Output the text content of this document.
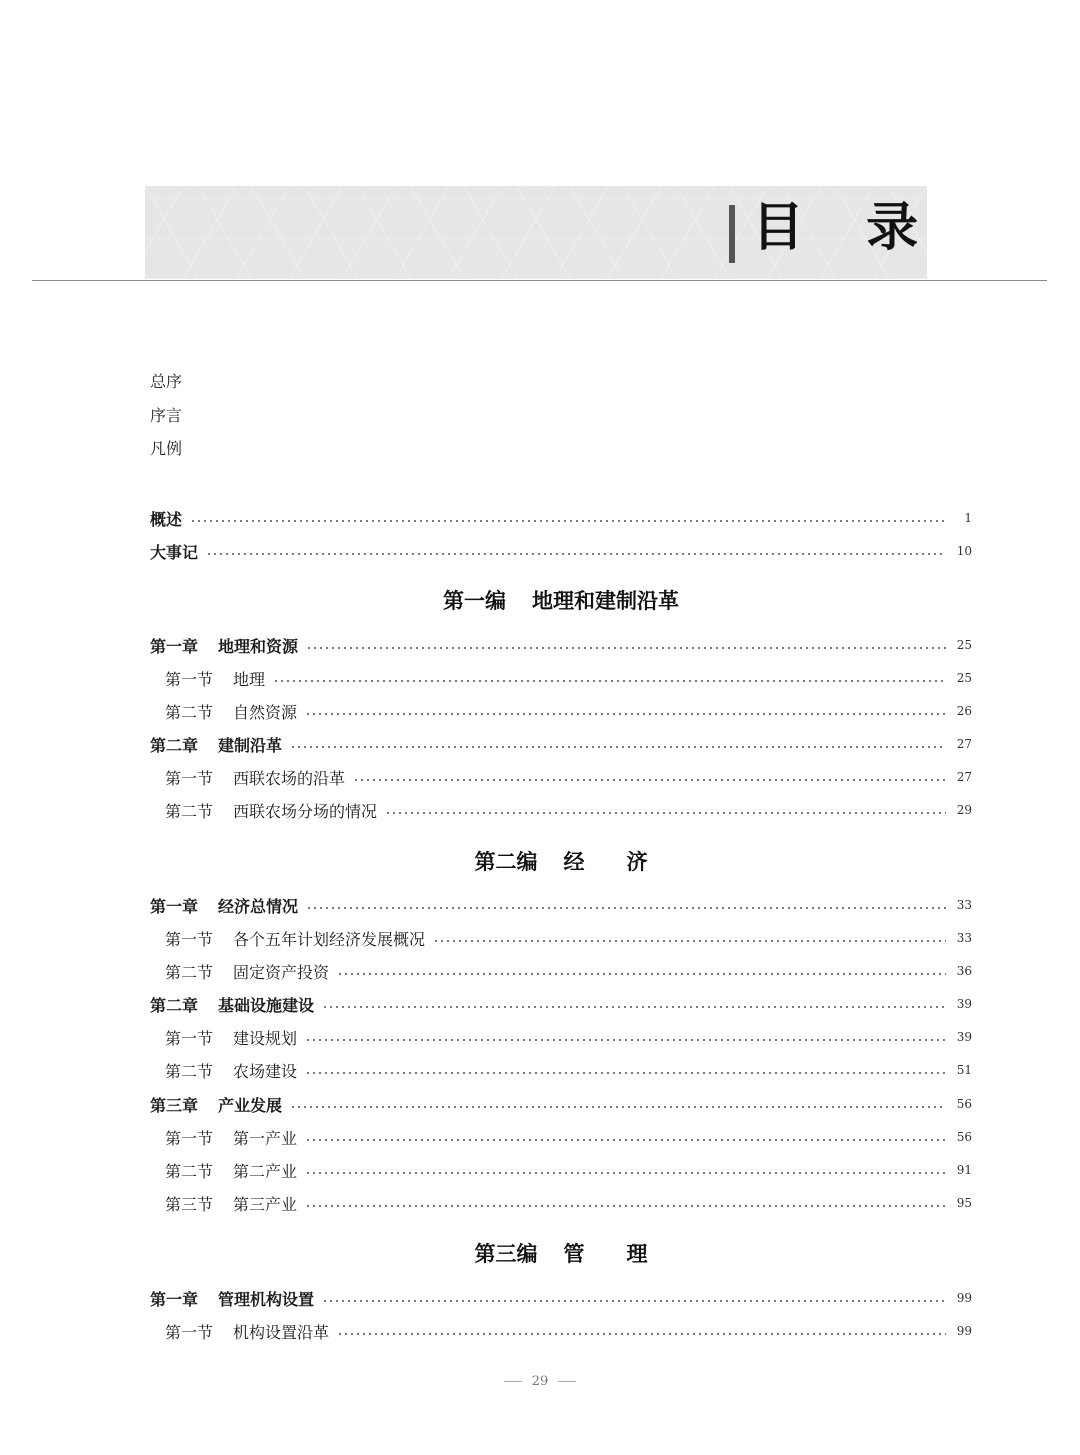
目 录
总序
序言
凡例
概述	1
大事记	10
第一编 地理和建制沿革
第一章 地理和资源	25
第一节 地理	25
第二节 自然资源	26
第二章 建制沿革	27
第一节 西联农场的沿革	27
第二节 西联农场分场的情况	29
第二编 经　　济
第一章 经济总情况	33
第一节 各个五年计划经济发展概况	33
第二节 固定资产投资	36
第二章 基础设施建设	39
第一节 建设规划	39
第二节 农场建设	51
第三章 产业发展	56
第一节 第一产业	56
第二节 第二产业	91
第三节 第三产业	95
第三编 管　　理
第一章 管理机构设置	99
第一节 机构设置沿革	99
29
